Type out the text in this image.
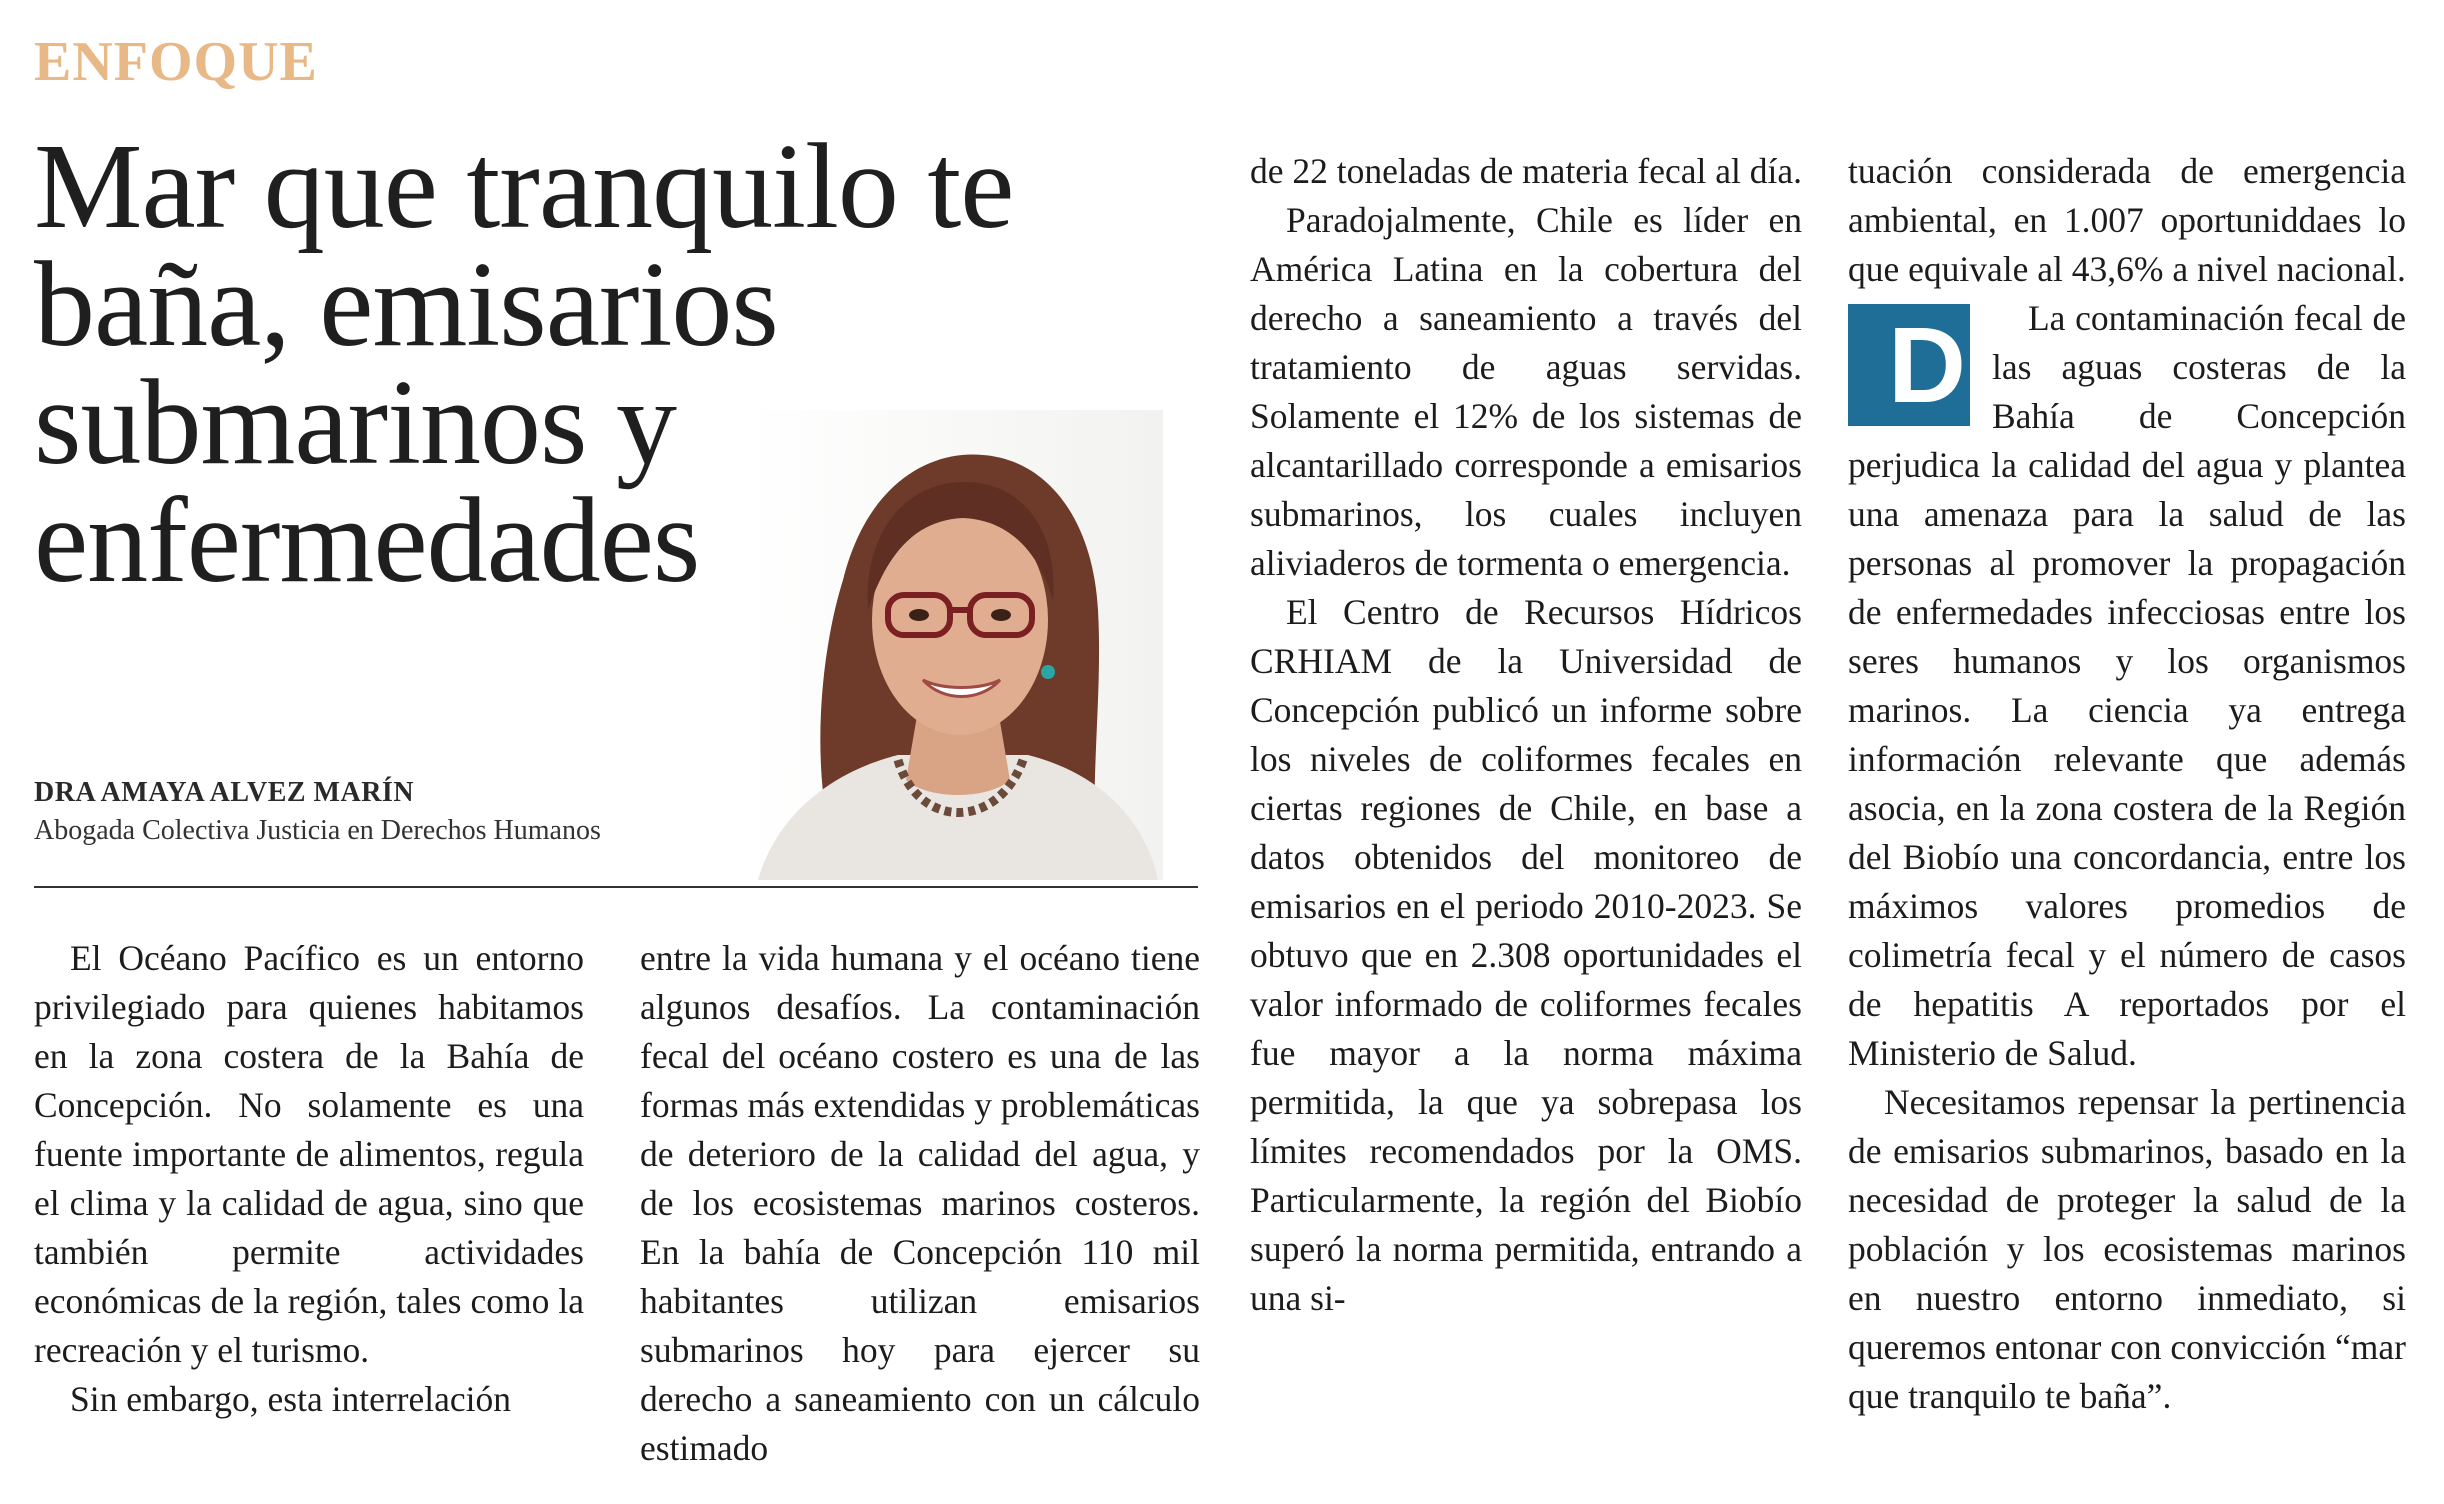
ENFOQUE
Mar que tranquilo te baña, emisarios submarinos y enfermedades
DRA AMAYA ALVEZ MARÍN
Abogada Colectiva Justicia en Derechos Humanos

El Océano Pacífico es un entorno privilegiado para quienes habitamos en la zona costera de la Bahía de Concepción. No solamente es una fuente importante de alimentos, regula el clima y la calidad de agua, sino que también permite actividades económicas de la región, tales como la recreación y el turismo.

Sin embargo, esta interrelación

entre la vida humana y el océano tiene algunos desafíos. La contaminación fecal del océano costero es una de las formas más extendidas y problemáticas de deterioro de la calidad del agua, y de los ecosistemas marinos costeros. En la bahía de Concepción 110 mil habitantes utilizan emisarios submarinos hoy para ejercer su derecho a saneamiento con un cálculo estimado

de 22 toneladas de materia fecal al día.

Paradojalmente, Chile es líder en América Latina en la cobertura del derecho a saneamiento a través del tratamiento de aguas servidas. Solamente el 12% de los sistemas de alcantarillado corresponde a emisarios submarinos, los cuales incluyen aliviaderos de tormenta o emergencia.

El Centro de Recursos Hídricos CRHIAM de la Universidad de Concepción publicó un informe sobre los niveles de coliformes fecales en ciertas regiones de Chile, en base a datos obtenidos del monitoreo de emisarios en el periodo 2010-2023. Se obtuvo que en 2.308 oportunidades el valor informado de coliformes fecales fue mayor a la norma máxima permitida, la que ya sobrepasa los límites recomendados por la OMS. Particularmente, la región del Biobío superó la norma permitida, entrando a una si-

tuación considerada de emergencia ambiental, en 1.007 oportuniddaes lo que equivale al 43,6% a nivel nacional.

D La contaminación fecal de las aguas costeras de la Bahía de Concepción perjudica la calidad del agua y plantea una amenaza para la salud de las personas al promover la propagación de enfermedades infecciosas entre los seres humanos y los organismos marinos. La ciencia ya entrega información relevante que además asocia, en la zona costera de la Región del Biobío una concordancia, entre los máximos valores promedios de colimetría fecal y el número de casos de hepatitis A reportados por el Ministerio de Salud.

Necesitamos repensar la pertinencia de emisarios submarinos, basado en la necesidad de proteger la salud de la población y los ecosistemas marinos en nuestro entorno inmediato, si queremos entonar con convicción “mar que tranquilo te baña”.
